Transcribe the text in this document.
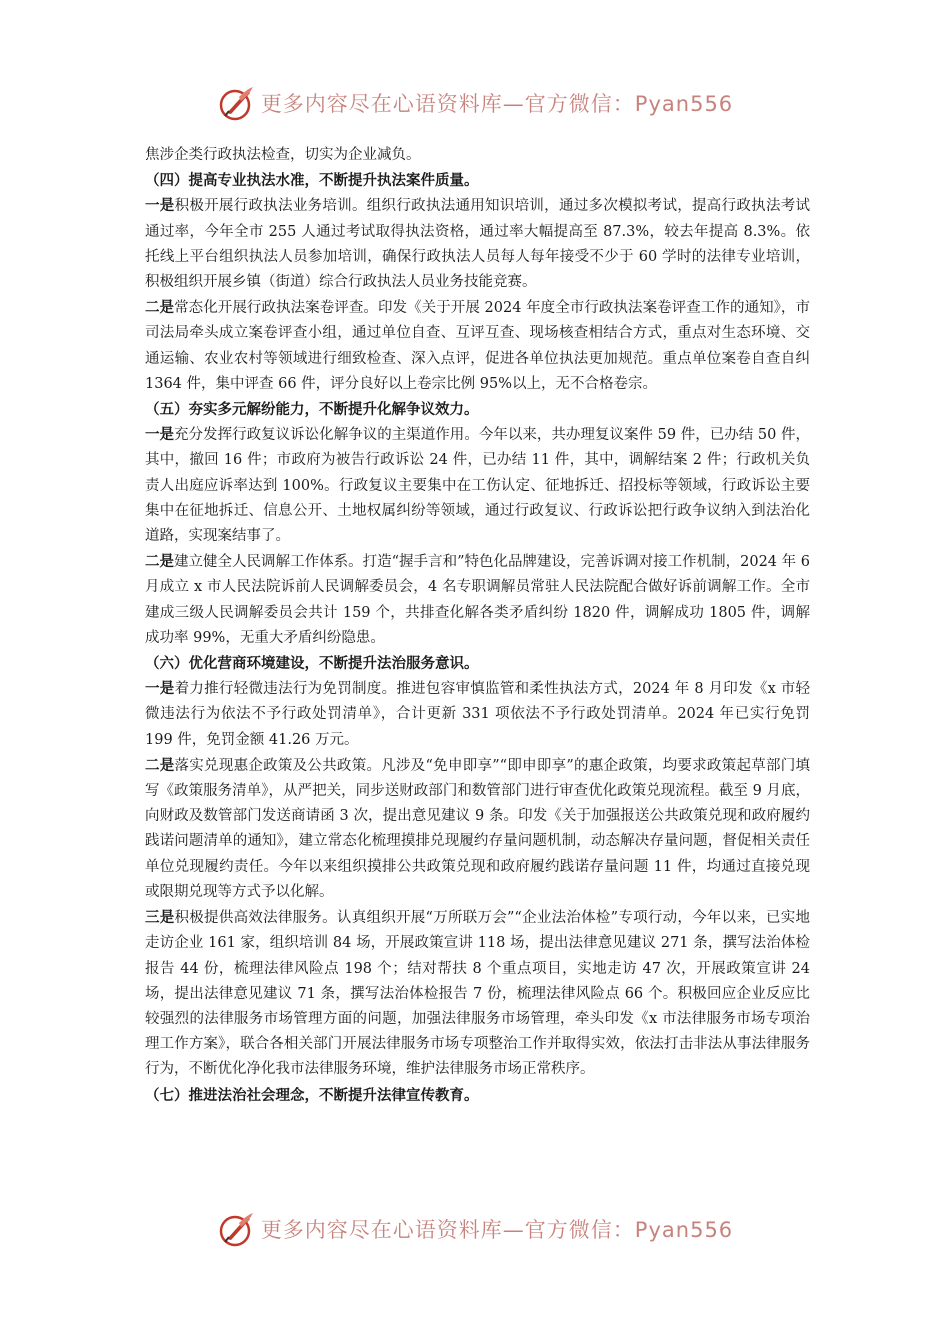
更多内容尽在心语资料库—官方微信：Pyan556

焦涉企类行政执法检查，切实为企业减负。

（四）提高专业执法水准，不断提升执法案件质量。

一是积极开展行政执法业务培训。组织行政执法通用知识培训，通过多次模拟考试，提高行政执法考试通过率，今年全市 255 人通过考试取得执法资格，通过率大幅提高至 87.3%，较去年提高 8.3%。依托线上平台组织执法人员参加培训，确保行政执法人员每人每年接受不少于 60 学时的法律专业培训，积极组织开展乡镇（街道）综合行政执法人员业务技能竞赛。

二是常态化开展行政执法案卷评查。印发《关于开展 2024 年度全市行政执法案卷评查工作的通知》，市司法局牵头成立案卷评查小组，通过单位自查、互评互查、现场核查相结合方式，重点对生态环境、交通运输、农业农村等领域进行细致检查、深入点评，促进各单位执法更加规范。重点单位案卷自查自纠 1364 件，集中评查 66 件，评分良好以上卷宗比例 95%以上，无不合格卷宗。

（五）夯实多元解纷能力，不断提升化解争议效力。

一是充分发挥行政复议诉讼化解争议的主渠道作用。今年以来，共办理复议案件 59 件，已办结 50 件，其中，撤回 16 件；市政府为被告行政诉讼 24 件，已办结 11 件，其中，调解结案 2 件；行政机关负责人出庭应诉率达到 100%。行政复议主要集中在工伤认定、征地拆迁、招投标等领域，行政诉讼主要集中在征地拆迁、信息公开、土地权属纠纷等领域，通过行政复议、行政诉讼把行政争议纳入到法治化道路，实现案结事了。

二是建立健全人民调解工作体系。打造“握手言和”特色化品牌建设，完善诉调对接工作机制，2024 年 6 月成立 x 市人民法院诉前人民调解委员会，4 名专职调解员常驻人民法院配合做好诉前调解工作。全市建成三级人民调解委员会共计 159 个，共排查化解各类矛盾纠纷 1820 件，调解成功 1805 件，调解成功率 99%，无重大矛盾纠纷隐患。

（六）优化营商环境建设，不断提升法治服务意识。

一是着力推行轻微违法行为免罚制度。推进包容审慎监管和柔性执法方式，2024 年 8 月印发《x 市轻微违法行为依法不予行政处罚清单》，合计更新 331 项依法不予行政处罚清单。2024 年已实行免罚 199 件，免罚金额 41.26 万元。

二是落实兑现惠企政策及公共政策。凡涉及“免申即享”“即申即享”的惠企政策，均要求政策起草部门填写《政策服务清单》，从严把关，同步送财政部门和数管部门进行审查优化政策兑现流程。截至 9 月底，向财政及数管部门发送商请函 3 次，提出意见建议 9 条。印发《关于加强报送公共政策兑现和政府履约践诺问题清单的通知》，建立常态化梳理摸排兑现履约存量问题机制，动态解决存量问题，督促相关责任单位兑现履约责任。今年以来组织摸排公共政策兑现和政府履约践诺存量问题 11 件，均通过直接兑现或限期兑现等方式予以化解。

三是积极提供高效法律服务。认真组织开展“万所联万会”“企业法治体检”专项行动，今年以来，已实地走访企业 161 家，组织培训 84 场，开展政策宣讲 118 场，提出法律意见建议 271 条，撰写法治体检报告 44 份，梳理法律风险点 198 个；结对帮扶 8 个重点项目，实地走访 47 次，开展政策宣讲 24 场，提出法律意见建议 71 条，撰写法治体检报告 7 份，梳理法律风险点 66 个。积极回应企业反应比较强烈的法律服务市场管理方面的问题，加强法律服务市场管理，牵头印发《x 市法律服务市场专项治理工作方案》，联合各相关部门开展法律服务市场专项整治工作并取得实效，依法打击非法从事法律服务行为，不断优化净化我市法律服务环境，维护法律服务市场正常秩序。

（七）推进法治社会理念，不断提升法律宣传教育。

更多内容尽在心语资料库—官方微信：Pyan556
